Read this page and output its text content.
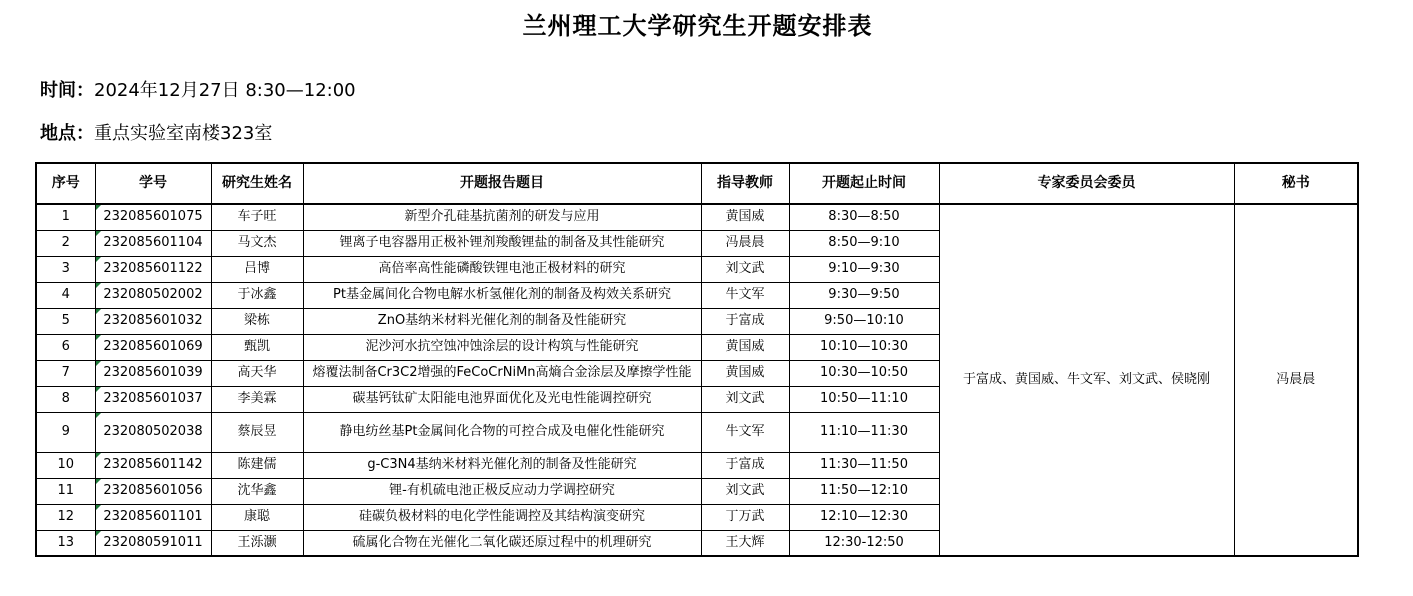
兰州理工大学研究生开题安排表
时间：2024年12月27日 8:30—12:00
地点：重点实验室南楼323室
序号	学号	研究生姓名	开题报告题目	指导教师	开题起止时间	专家委员会委员	秘书
1	232085601075	车子旺	新型介孔硅基抗菌剂的研发与应用	黄国威	8:30—8:50	于富成、黄国威、牛文军、刘文武、侯晓刚	冯晨晨
2	232085601104	马文杰	锂离子电容器用正极补锂剂羧酸锂盐的制备及其性能研究	冯晨晨	8:50—9:10		
3	232085601122	吕博	高倍率高性能磷酸铁锂电池正极材料的研究	刘文武	9:10—9:30		
4	232080502002	于冰鑫	Pt基金属间化合物电解水析氢催化剂的制备及构效关系研究	牛文军	9:30—9:50		
5	232085601032	梁栋	ZnO基纳米材料光催化剂的制备及性能研究	于富成	9:50—10:10		
6	232085601069	甄凯	泥沙河水抗空蚀冲蚀涂层的设计构筑与性能研究	黄国威	10:10—10:30		
7	232085601039	高天华	熔覆法制备Cr3C2增强的FeCoCrNiMn高熵合金涂层及摩擦学性能	黄国威	10:30—10:50		
8	232085601037	李美霖	碳基钙钛矿太阳能电池界面优化及光电性能调控研究	刘文武	10:50—11:10		
9	232080502038	蔡辰昱	静电纺丝基Pt金属间化合物的可控合成及电催化性能研究	牛文军	11:10—11:30		
10	232085601142	陈建儒	g-C3N4基纳米材料光催化剂的制备及性能研究	于富成	11:30—11:50		
11	232085601056	沈华鑫	锂-有机硫电池正极反应动力学调控研究	刘文武	11:50—12:10		
12	232085601101	康聪	硅碳负极材料的电化学性能调控及其结构演变研究	丁万武	12:10—12:30		
13	232080591011	王泺灏	硫属化合物在光催化二氧化碳还原过程中的机理研究	王大辉	12:30-12:50		
